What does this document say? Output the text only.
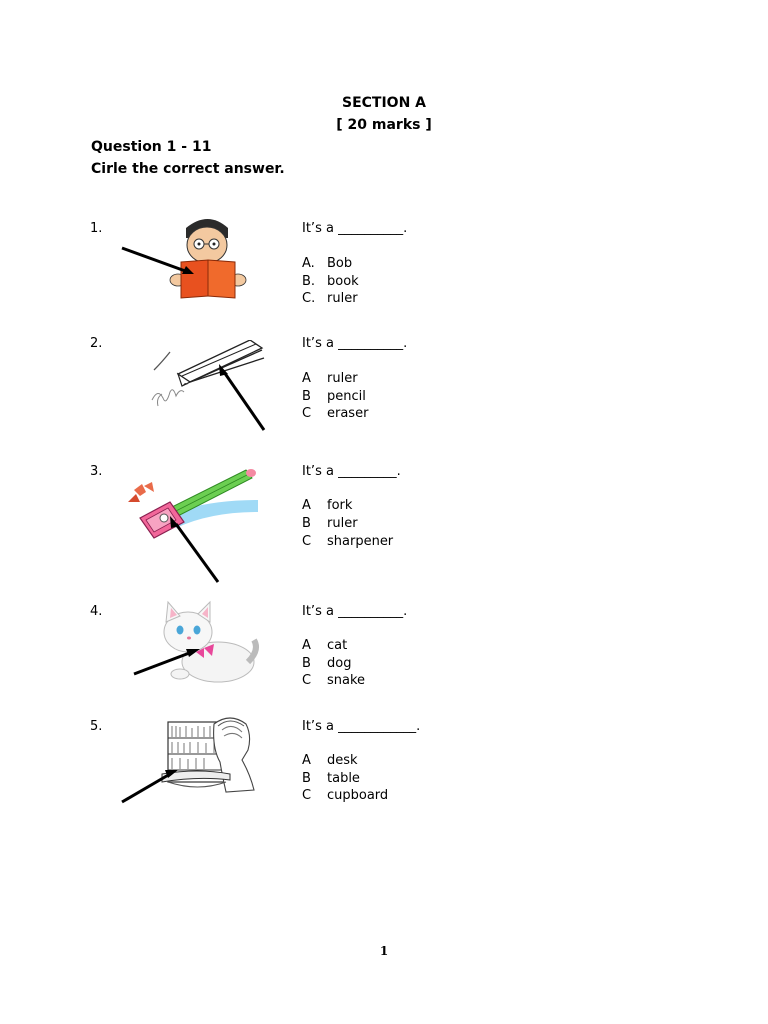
SECTION A
[ 20 marks ]
Question 1 - 11
Cirle the correct answer.
1.	It’s a __________.
A. Bob
B. book
C. ruler
2.	It’s a __________.
A ruler
B pencil
C eraser
3.	It’s a _________.
A fork
B ruler
C sharpener
4.	It’s a __________.
A cat
B dog
C snake
5.	It’s a ____________.
A desk
B table
C cupboard
1
